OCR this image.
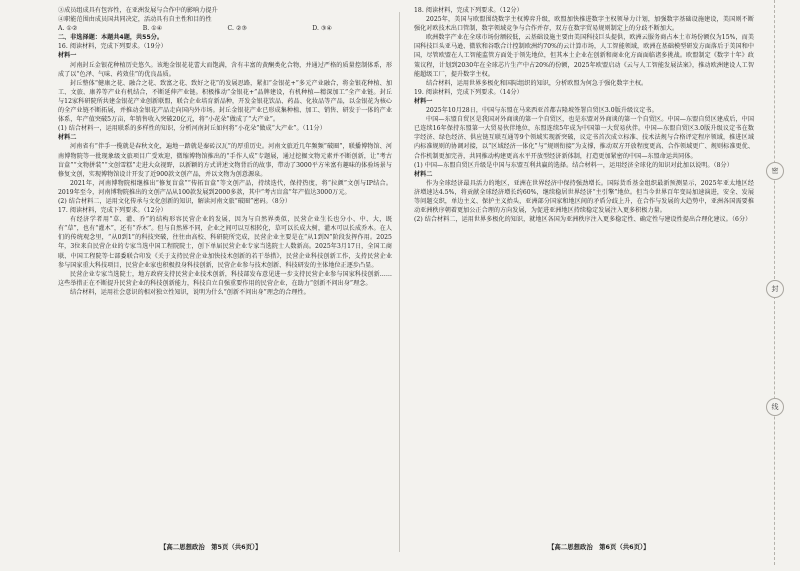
③成员组成具有包容性，在亚洲发展与合作中的影响力提升

④职能范围由成员国共同决定，活动具有自主性和目的性

A. ①②	B. ①④	C. ②③	D. ③④

二、非选择题：本题共4题，共55分。

16. 阅读材料，完成下列要求。（19分）

材料一

河南封丘金银花种植历史悠久。该地金银花花蕾大而饱满，含有丰富的黄酮类化合物，并通过严格的质量控制体系，形成了以“色泽、气味、药效佳”的优良品质。

封丘整体“健康之花、融合之花、致富之花、致好之花”的发展思路，紧扣“金银花+”多元产业融合，将金银花种植、加工、文旅、康养等产业有机结合，不断延伸产业链。积极推动“金银花+”品牌建设，有机种植—精深加工”全产业链。封丘与12家科研院所共建金银花产业创新联盟，联合企业培育新品种，开发金银花饮品、药品、化妆品等产品，以金银花为核心的全产业链不断拓展，并推动金银花产品走向国内外市场。封丘金银花产业已形成集种植、加工、销售、研发于一体的产业体系，年产值突破5万亩，年销售收入突破20亿元，将“小花朵”做成了“大产业”。

(1) 结合材料一，运用联系的多样性的知识，分析河南封丘如何将“小花朵”做成“大产业”。（11分）

材料二

河南省有“伴手一揽就是春秋文化，遍地一踏就是秦砖汉瓦”的厚重历史。河南文旅近几年频频“破圈”，联播博物馆、河南博物院等一批现象级文旅项目广受欢迎，微缩博物馆推出的“手作人成”专题展，通过挖掘文物元素并不断创新，让“考古盲盒”“文物拼装”“文创雪糕”走进大众视野，以新颖的方式讲述文物背后的故事，带动了3000平方米富有趣味的体验场景与修复文创，实现博物馆设计开发了近900款文创产品，并以文物为创意源泉。

2021年，河南博物院相继推出“修复盲盒”“传拓盲盒”等文创产品，持续迭代，保持热度，将“拉颜”文创与IP结合。2019年至今，河南博物院推出的文创产品从100款发展到2000多款，其中“考古盲盒”年产值达3000万元。

(2) 结合材料二，运用文化传承与文化创新的知识，解读河南文旅“破圈”密码。（8分）

17. 阅读材料，完成下列要求。（12分）

有经济学者用“草、灌、乔”的结构形容民营企业的发展，因为与自然界类似，民营企业生长也分小、中、大，既有“草”，也有“灌木”，还有“乔木”。但与自然界不同，企业之间可以互相转化，草可以长成大树，灌木可以长成乔木。在人们的传统观念里，“从0到1”的科技突破，往往由高校、科研院所完成，民营企业主要是在“从1到N”阶段发挥作用。2025年，3位来自民营企业的专家当选中国工程院院士，创下单届民营企业专家当选院士人数新高。2025年3月17日，全国工商联、中国工程院等七部委联合印发《关于支持民营企业加快技术创新的若干举措》，民营企业科技创新工作，支持民营企业参与国家重大科技项目，民营企业家也积极投身科技创新，民营企业参与技术创新、科技研发的主体地位正逐步凸显。

民营企业专家当选院士，地方政府支持民营企业技术创新，科技部发布意见进一步支持民营企业参与国家科技创新……这些举措正在不断提升民营企业的科技创新能力，科技自立自强重要作用的民营企业，在助力“创新不问出身”理念。

结合材料，运用社会意识的相对独立性知识，说明为什么“创新不问出身”理念的合理性。

18. 阅读材料，完成下列要求。（12分）

2025年，美国与欧盟围绕数字主权博弈升级，欧盟加快推进数字主权领导力计划，加强数字基础设施建设，美国则不断强化对欧技术出口管制，数字领域竞争与合作并存，双方在数字贸易规则制定上的分歧不断加大。

欧洲数字产业在全球市场份额较低，云基础设施主要由美国科技巨头提供，欧洲云服务商占本土市场份额仅为15%，而美国科技巨头亚马逊、微软和谷歌合计控制欧洲约70%的云计算市场，人工智能领域，欧洲在基础模型研发方面落后于美国和中国，尽管欧盟在人工智能监管方面处于领先地位，但其本土企业在创新和商业化方面面临诸多挑战。欧盟制定《数字十年》政策议程，计划到2030年在全球芯片生产中占20%的份额，2025年欧盟启动《云与人工智能发展法案》，推动欧洲建设人工智能超级工厂，提升数字主权。

结合材料，运用世界多极化和国际组织的知识，分析欧盟为何急于强化数字主权。

19. 阅读材料，完成下列要求。（14分）

材料一

2025年10月28日，中国与东盟在马来西亚首都吉隆坡签署自贸区3.0版升级议定书。

中国—东盟自贸区是我国对外商谈的第一个自贸区，也是东盟对外商谈的第一个自贸区。中国—东盟自贸区建成后，中国已连续16年保持东盟第一大贸易伙伴地位，东盟连续5年成为中国第一大贸易伙伴。中国—东盟自贸区3.0版升级议定书在数字经济、绿色经济、供应链互联互通等9个领域实现新突破，议定书首次成立标准、技术法规与合格评定程序领域，推进区域内标准规则的协调对接，以“区域经济一体化”与“规则衔接”为支撑，推动双方开放程度更高、合作领域更广、规则标准更优、合作机制更加完善，共同推动构建更高水平开放型经济新体制，打造更加紧密的中国—东盟命运共同体。

(1) 中国—东盟自贸区升级是中国与东盟互利共赢的选择。结合材料一，运用经济全球化的知识对此加以说明。（8分）

材料二

作为全球经济最具活力的地区，亚洲在世界经济中保持强劲增长。国际货币基金组织最新预测显示，2025年亚太地区经济增速达4.5%，将贡献全球经济增长约60%，继续稳居世界经济“主引擎”地位。但当今世界百年变局加速演进，安全、发展等问题交织，单边主义、保护主义抬头，亚洲部分国家和地区间的矛盾分歧上升，在合作与发展的大趋势中，亚洲各国需要推动亚洲秩序朝着更加公正合理的方向发展，为促进亚洲地区持续稳定发展注入更多积极力量。

(2) 结合材料二，运用世界多极化的知识，就地区各国为亚洲秩序注入更多稳定性、确定性与建设性提出合理化建议。（6分）

【高二思想政治　第5页（共6页）】	【高二思想政治　第6页（共6页）】
密
封
线
